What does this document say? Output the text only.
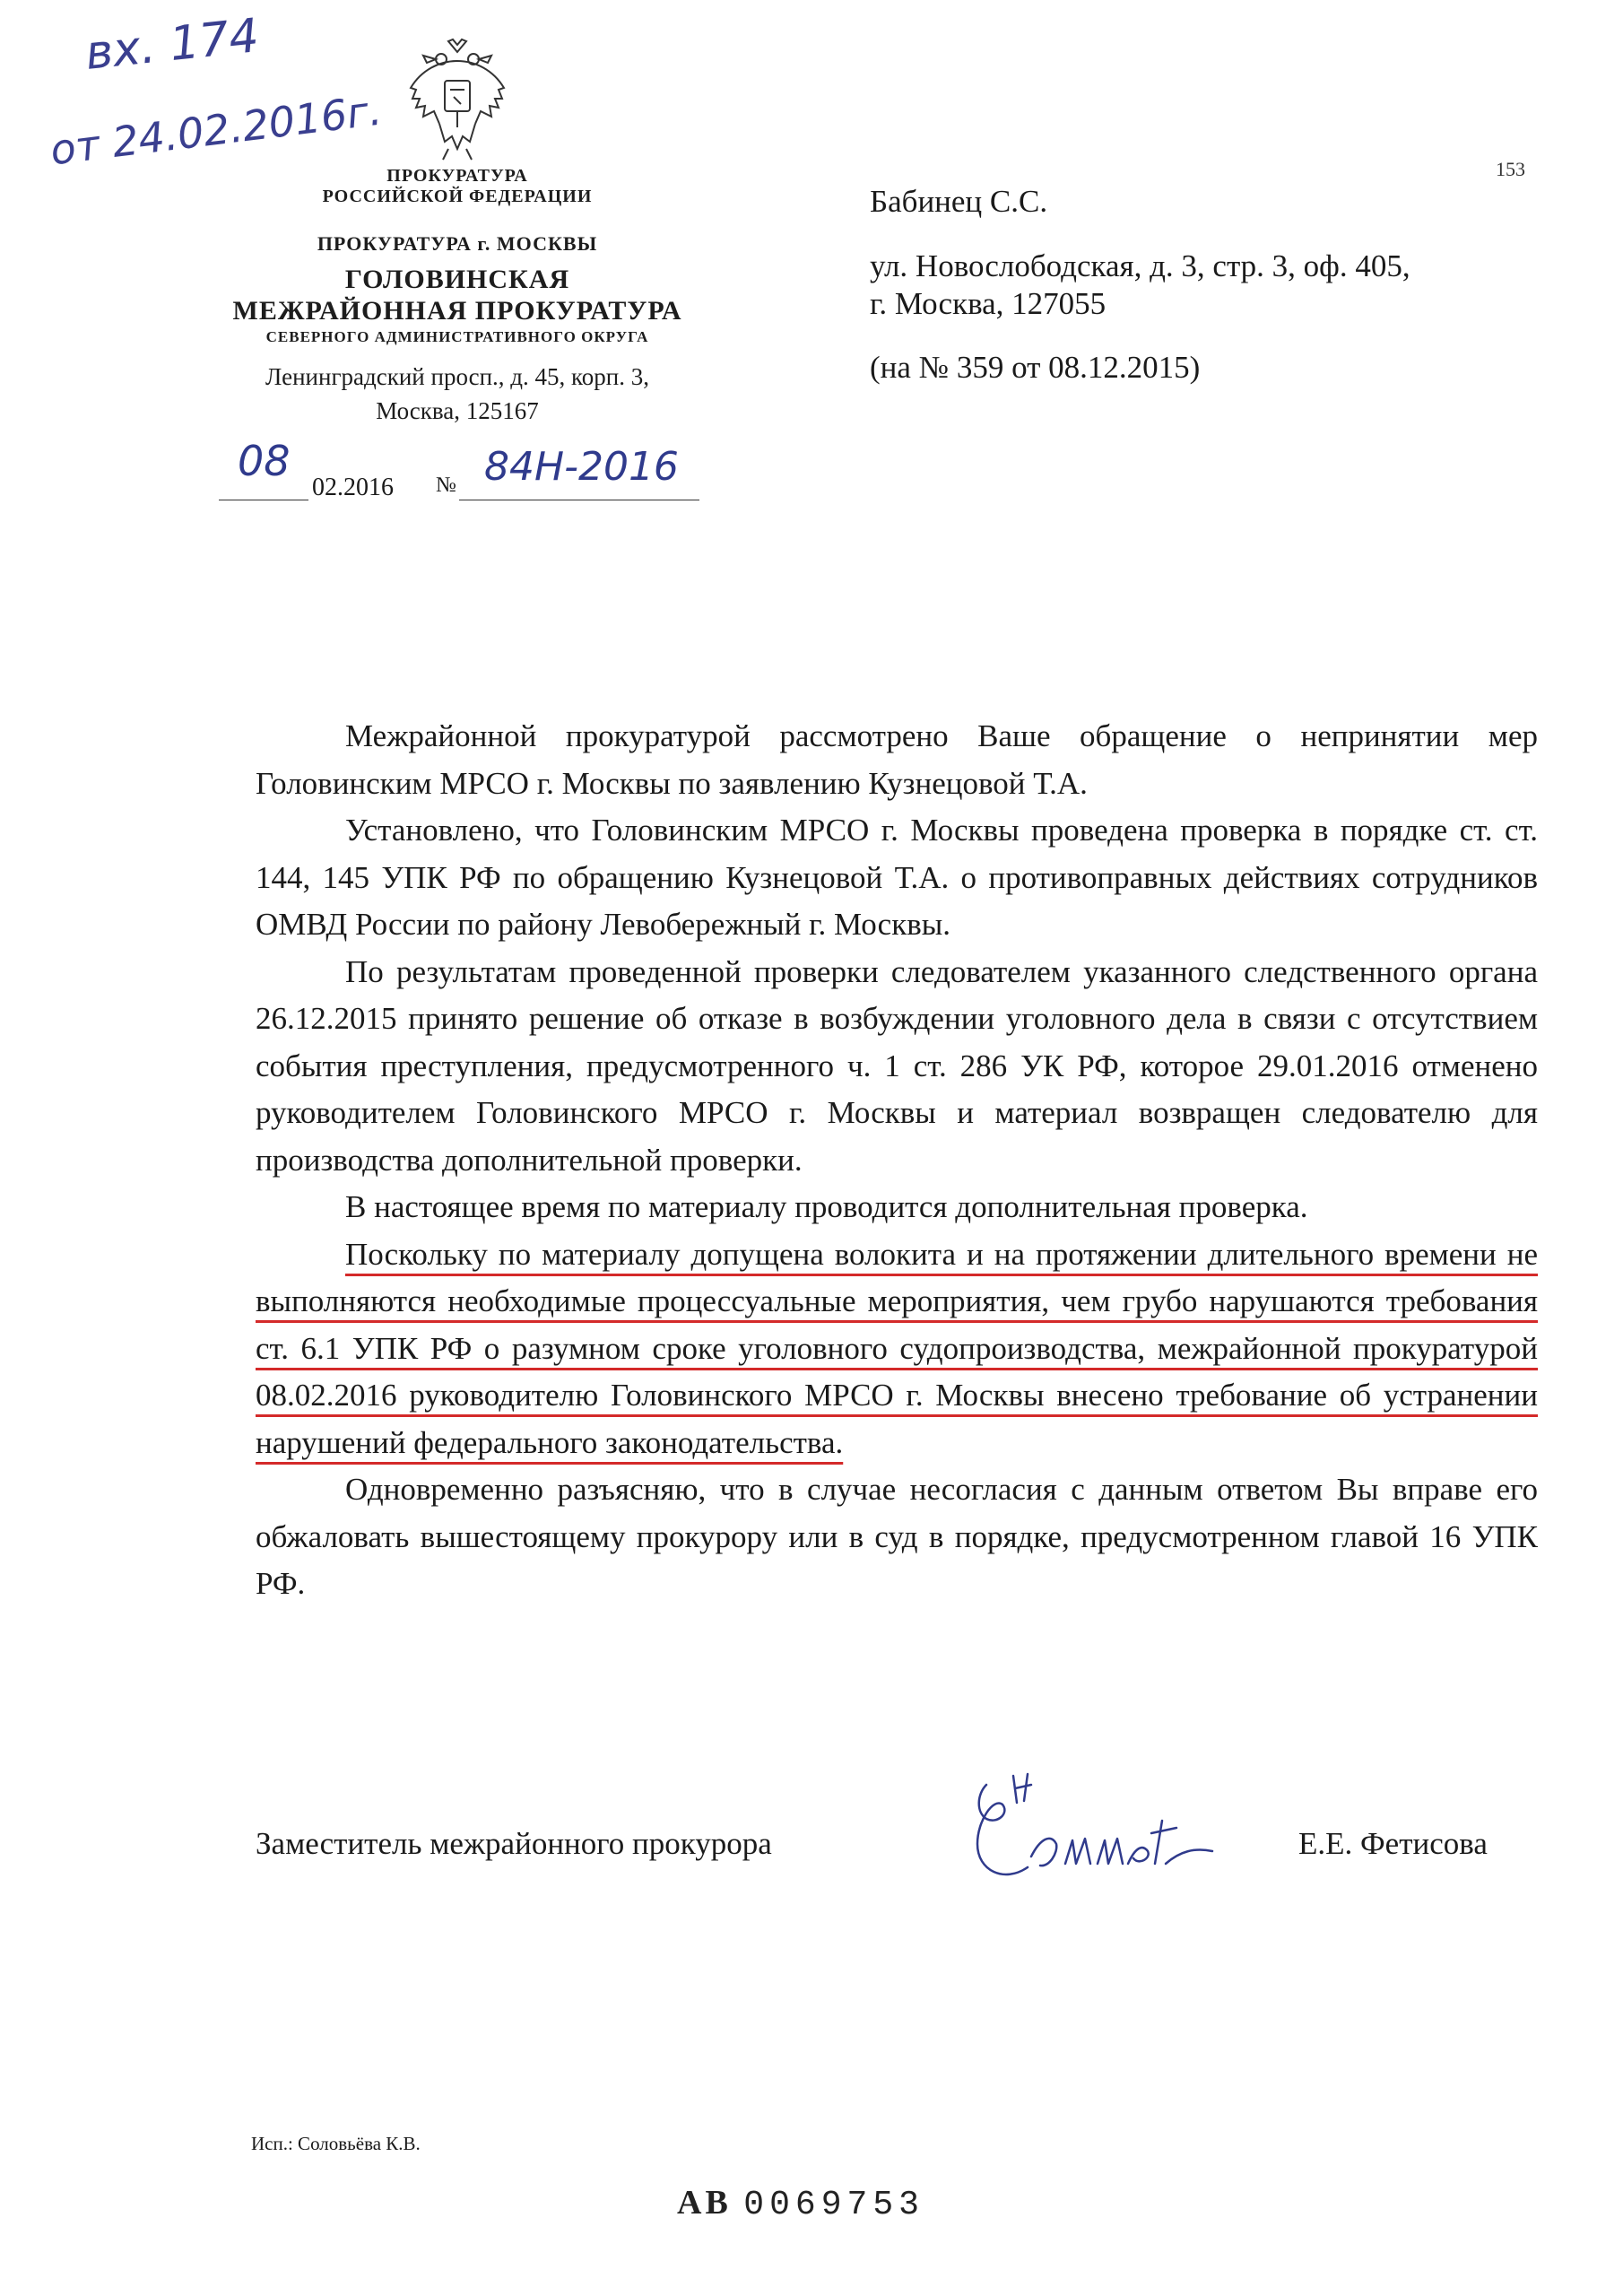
вх. 174
от 24.02.2016г.	153
ПРОКУРАТУРА
РОССИЙСКОЙ ФЕДЕРАЦИИ
ПРОКУРАТУРА г. МОСКВЫ
ГОЛОВИНСКАЯ
МЕЖРАЙОННАЯ ПРОКУРАТУРА
СЕВЕРНОГО АДМИНИСТРАТИВНОГО ОКРУГА
Ленинградский просп., д. 45, корп. 3,
Москва, 125167
08
02.2016 № 84Н-2016
Бабинец С.С.
ул. Новослободская, д. 3, стр. 3, оф. 405,
г. Москва, 127055
(на № 359 от 08.12.2015)

Межрайонной прокуратурой рассмотрено Ваше обращение о непринятии мер Головинским МРСО г. Москвы по заявлению Кузнецовой Т.А.

Установлено, что Головинским МРСО г. Москвы проведена проверка в порядке ст. ст. 144, 145 УПК РФ по обращению Кузнецовой Т.А. о противоправных действиях сотрудников ОМВД России по району Левобережный г. Москвы.

По результатам проведенной проверки следователем указанного следственного органа 26.12.2015 принято решение об отказе в возбуждении уголовного дела в связи с отсутствием события преступления, предусмотренного ч. 1 ст. 286 УК РФ, которое 29.01.2016 отменено руководителем Головинского МРСО г. Москвы и материал возвращен следователю для производства дополнительной проверки.

В настоящее время по материалу проводится дополнительная проверка.

Поскольку по материалу допущена волокита и на протяжении длительного времени не выполняются необходимые процессуальные мероприятия, чем грубо нарушаются требования ст. 6.1 УПК РФ о разумном сроке уголовного судопроизводства, межрайонной прокуратурой 08.02.2016 руководителю Головинского МРСО г. Москвы внесено требование об устранении нарушений федерального законодательства.

Одновременно разъясняю, что в случае несогласия с данным ответом Вы вправе его обжаловать вышестоящему прокурору или в суд в порядке, предусмотренном главой 16 УПК РФ.

Заместитель межрайонного прокурора	Е.Е. Фетисова
Исп.: Соловьёва К.В.
АВ 0069753
